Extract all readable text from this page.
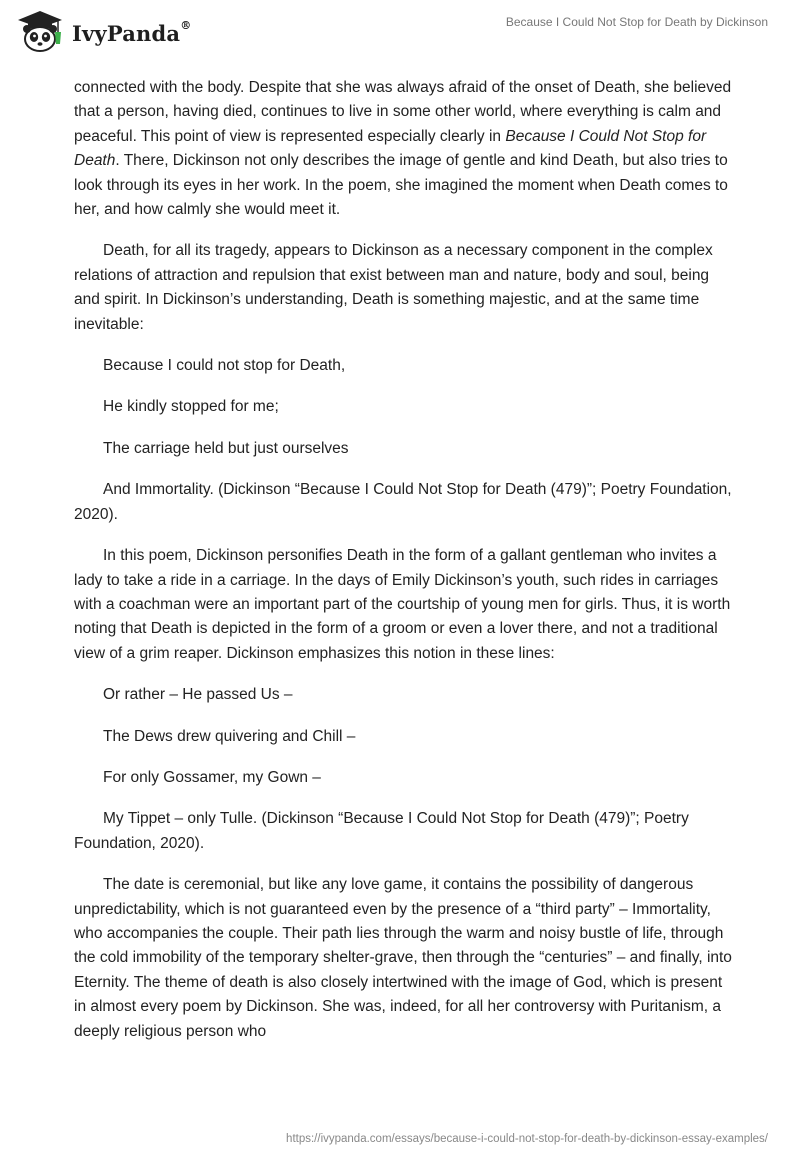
IvyPanda®	Because I Could Not Stop for Death by Dickinson

connected with the body. Despite that she was always afraid of the onset of Death, she believed that a person, having died, continues to live in some other world, where everything is calm and peaceful. This point of view is represented especially clearly in Because I Could Not Stop for Death. There, Dickinson not only describes the image of gentle and kind Death, but also tries to look through its eyes in her work. In the poem, she imagined the moment when Death comes to her, and how calmly she would meet it.

Death, for all its tragedy, appears to Dickinson as a necessary component in the complex relations of attraction and repulsion that exist between man and nature, body and soul, being and spirit. In Dickinson’s understanding, Death is something majestic, and at the same time inevitable:

Because I could not stop for Death,

He kindly stopped for me;

The carriage held but just ourselves

And Immortality. (Dickinson “Because I Could Not Stop for Death (479)”; Poetry Foundation, 2020).

In this poem, Dickinson personifies Death in the form of a gallant gentleman who invites a lady to take a ride in a carriage. In the days of Emily Dickinson’s youth, such rides in carriages with a coachman were an important part of the courtship of young men for girls. Thus, it is worth noting that Death is depicted in the form of a groom or even a lover there, and not a traditional view of a grim reaper. Dickinson emphasizes this notion in these lines:

Or rather – He passed Us –

The Dews drew quivering and Chill –

For only Gossamer, my Gown –

My Tippet – only Tulle. (Dickinson “Because I Could Not Stop for Death (479)”; Poetry Foundation, 2020).

The date is ceremonial, but like any love game, it contains the possibility of dangerous unpredictability, which is not guaranteed even by the presence of a “third party” – Immortality, who accompanies the couple. Their path lies through the warm and noisy bustle of life, through the cold immobility of the temporary shelter-grave, then through the “centuries” – and finally, into Eternity. The theme of death is also closely intertwined with the image of God, which is present in almost every poem by Dickinson. She was, indeed, for all her controversy with Puritanism, a deeply religious person who

https://ivypanda.com/essays/because-i-could-not-stop-for-death-by-dickinson-essay-examples/
